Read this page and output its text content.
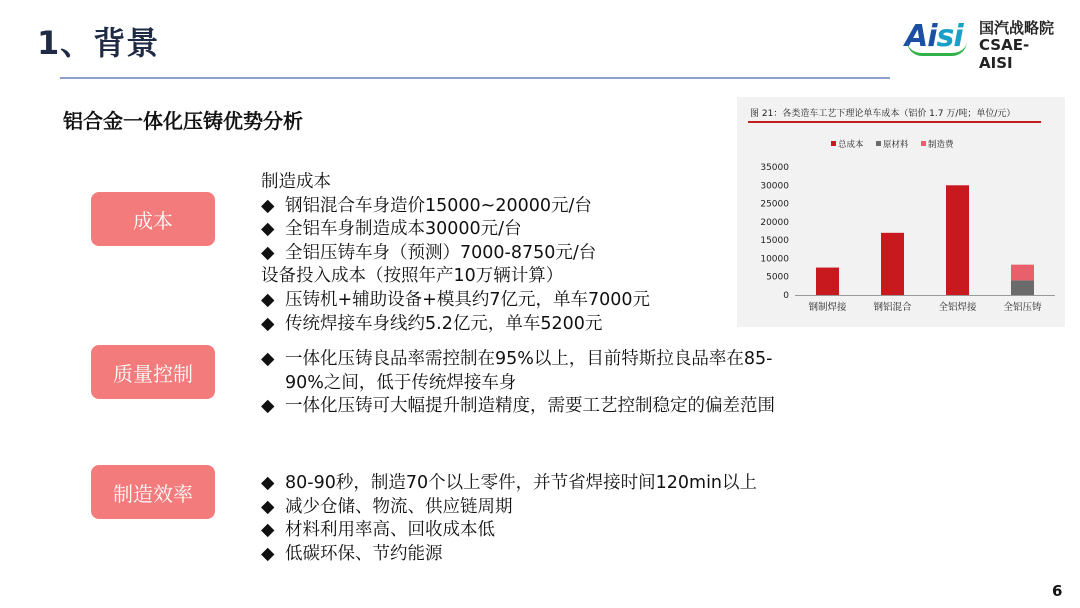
1、背景	Aisi 国汽战略院
CSAE-AISI
铝合金一体化压铸优势分析
成本
质量控制
制造效率
制造成本
◆ 钢铝混合车身造价15000~20000元/台
◆ 全铝车身制造成本30000元/台
◆ 全铝压铸车身（预测）7000-8750元/台
设备投入成本（按照年产10万辆计算）
◆ 压铸机+辅助设备+模具约7亿元，单车7000元
◆ 传统焊接车身线约5.2亿元，单车5200元
◆ 一体化压铸良品率需控制在95%以上，目前特斯拉良品率在85-
90%之间，低于传统焊接车身
◆ 一体化压铸可大幅提升制造精度，需要工艺控制稳定的偏差范围
◆ 80-90秒，制造70个以上零件，并节省焊接时间120min以上
◆ 减少仓储、物流、供应链周期
◆ 材料利用率高、回收成本低
◆ 低碳环保、节约能源
图 21：各类造车工艺下理论单车成本（铝价 1.7 万/吨；单位/元）
总成本 原材料 制造费
35000
30000
25000
20000
15000
10000
5000
0
钢制焊接	钢铝混合	全铝焊接	全铝压铸
6
